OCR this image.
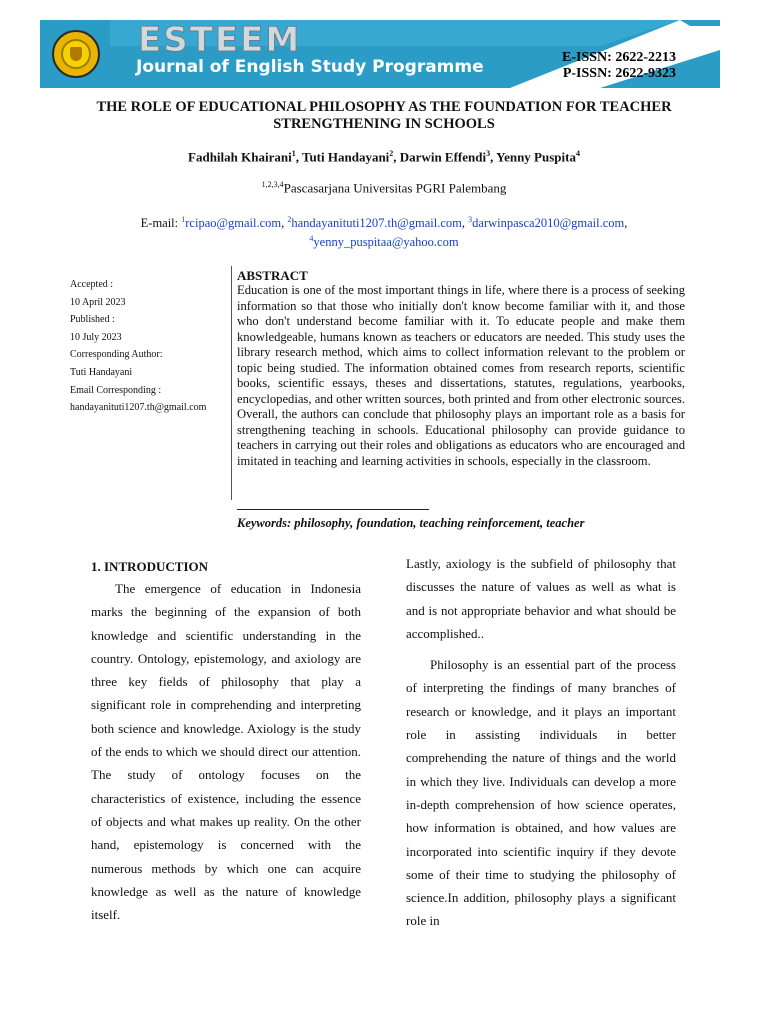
ESTEEM
Journal of English Study Programme	E-ISSN: 2622-2213
P-ISSN: 2622-9323
THE ROLE OF EDUCATIONAL PHILOSOPHY AS THE FOUNDATION FOR TEACHER STRENGTHENING IN SCHOOLS
Fadhilah Khairani$^1$, Tuti Handayani$^2$, Darwin Effendi$^3$, Yenny Puspita$^4$
$^{1,2,3,4}$Pascasarjana Universitas PGRI Palembang
E-mail: $^1$rcipao@gmail.com, $^2$handayanituti1207.th@gmail.com, $^3$darwinpasca2010@gmail.com,
$^4$yenny_puspitaa@yahoo.com
Accepted :
10 April 2023
Published :
10 July 2023
Corresponding Author:
Tuti Handayani
Email Corresponding :
handayanituti1207.th@gmail.com
ABSTRACT
Education is one of the most important things in life, where there is a process of seeking information so that those who initially don't know become familiar with it, and those who don't understand become familiar with it. To educate people and make them knowledgeable, humans known as teachers or educators are needed. This study uses the library research method, which aims to collect information relevant to the problem or topic being studied. The information obtained comes from research reports, scientific books, scientific essays, theses and dissertations, statutes, regulations, yearbooks, encyclopedias, and other written sources, both printed and from other electronic sources. Overall, the authors can conclude that philosophy plays an important role as a basis for strengthening teaching in schools. Educational philosophy can provide guidance to teachers in carrying out their roles and obligations as educators who are encouraged and imitated in teaching and learning activities in schools, especially in the classroom.
Keywords: philosophy, foundation, teaching reinforcement, teacher
1. INTRODUCTION
The emergence of education in Indonesia marks the beginning of the expansion of both knowledge and scientific understanding in the country. Ontology, epistemology, and axiology are three key fields of philosophy that play a significant role in comprehending and interpreting both science and knowledge. Axiology is the study of the ends to which we should direct our attention. The study of ontology focuses on the characteristics of existence, including the essence of objects and what makes up reality. On the other hand, epistemology is concerned with the numerous methods by which one can acquire knowledge as well as the nature of knowledge itself.
Lastly, axiology is the subfield of philosophy that discusses the nature of values as well as what is and is not appropriate behavior and what should be accomplished..
Philosophy is an essential part of the process of interpreting the findings of many branches of research or knowledge, and it plays an important role in assisting individuals in better comprehending the nature of things and the world in which they live. Individuals can develop a more in-depth comprehension of how science operates, how information is obtained, and how values are incorporated into scientific inquiry if they devote some of their time to studying the philosophy of science.In addition, philosophy plays a significant role in
